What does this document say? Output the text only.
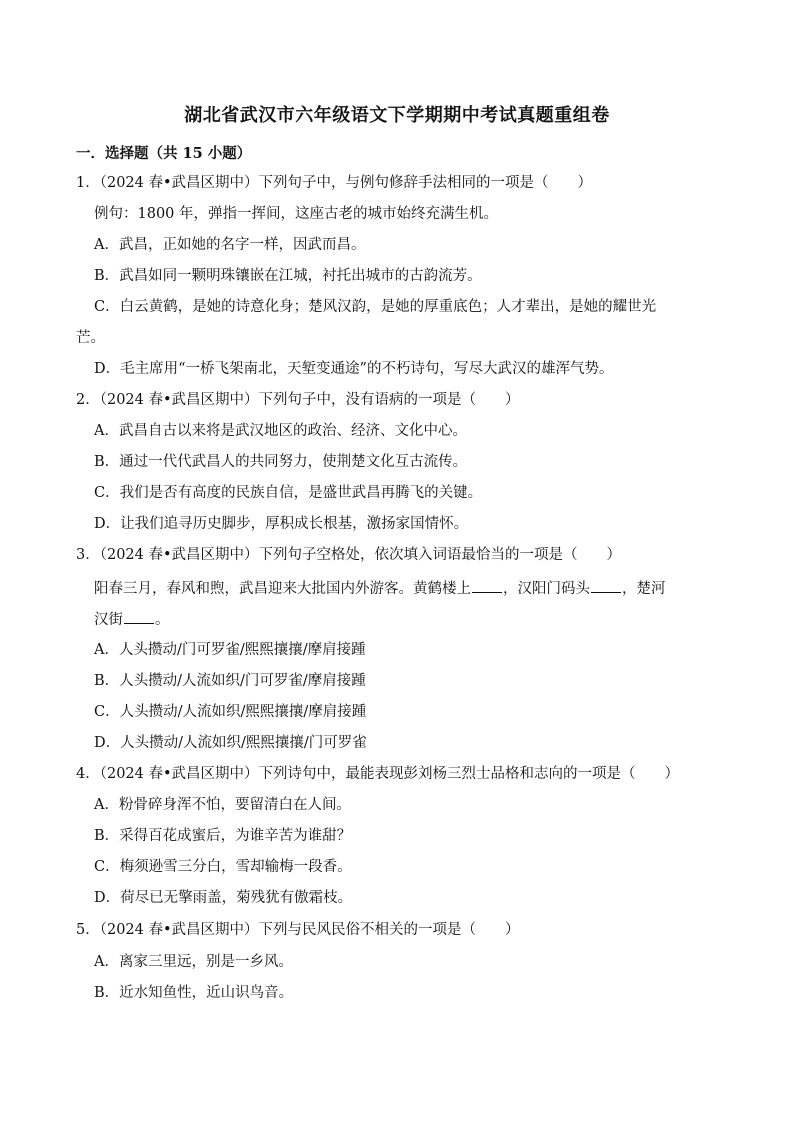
湖北省武汉市六年级语文下学期期中考试真题重组卷
一．选择题（共 15 小题）
1．（2024 春•武昌区期中）下列句子中，与例句修辞手法相同的一项是（　　）
例句：1800 年，弹指一挥间，这座古老的城市始终充满生机。
A．武昌，正如她的名字一样，因武而昌。
B．武昌如同一颗明珠镶嵌在江城，衬托出城市的古韵流芳。
C．白云黄鹤，是她的诗意化身；楚风汉韵，是她的厚重底色；人才辈出，是她的耀世光
芒。
D．毛主席用“一桥飞架南北，天堑变通途”的不朽诗句，写尽大武汉的雄浑气势。
2．（2024 春•武昌区期中）下列句子中，没有语病的一项是（　　）
A．武昌自古以来将是武汉地区的政治、经济、文化中心。
B．通过一代代武昌人的共同努力，使荆楚文化互古流传。
C．我们是否有高度的民族自信，是盛世武昌再腾飞的关键。
D．让我们追寻历史脚步，厚积成长根基，激扬家国情怀。
3．（2024 春•武昌区期中）下列句子空格处，依次填入词语最恰当的一项是（　　）
阳春三月，春风和煦，武昌迎来大批国内外游客。黄鹤楼上 ，汉阳门码头 ，楚河
汉街 。
A．人头攒动/门可罗雀/熙熙攘攘/摩肩接踵
B．人头攒动/人流如织/门可罗雀/摩肩接踵
C．人头攒动/人流如织/熙熙攘攘/摩肩接踵
D．人头攒动/人流如织/熙熙攘攘/门可罗雀
4．（2024 春•武昌区期中）下列诗句中，最能表现彭刘杨三烈士品格和志向的一项是（　　）
A．粉骨碎身浑不怕，要留清白在人间。
B．采得百花成蜜后，为谁辛苦为谁甜？
C．梅须逊雪三分白，雪却输梅一段香。
D．荷尽已无擎雨盖，菊残犹有傲霜枝。
5．（2024 春•武昌区期中）下列与民风民俗不相关的一项是（　　）
A．离家三里远，别是一乡风。
B．近水知鱼性，近山识鸟音。
